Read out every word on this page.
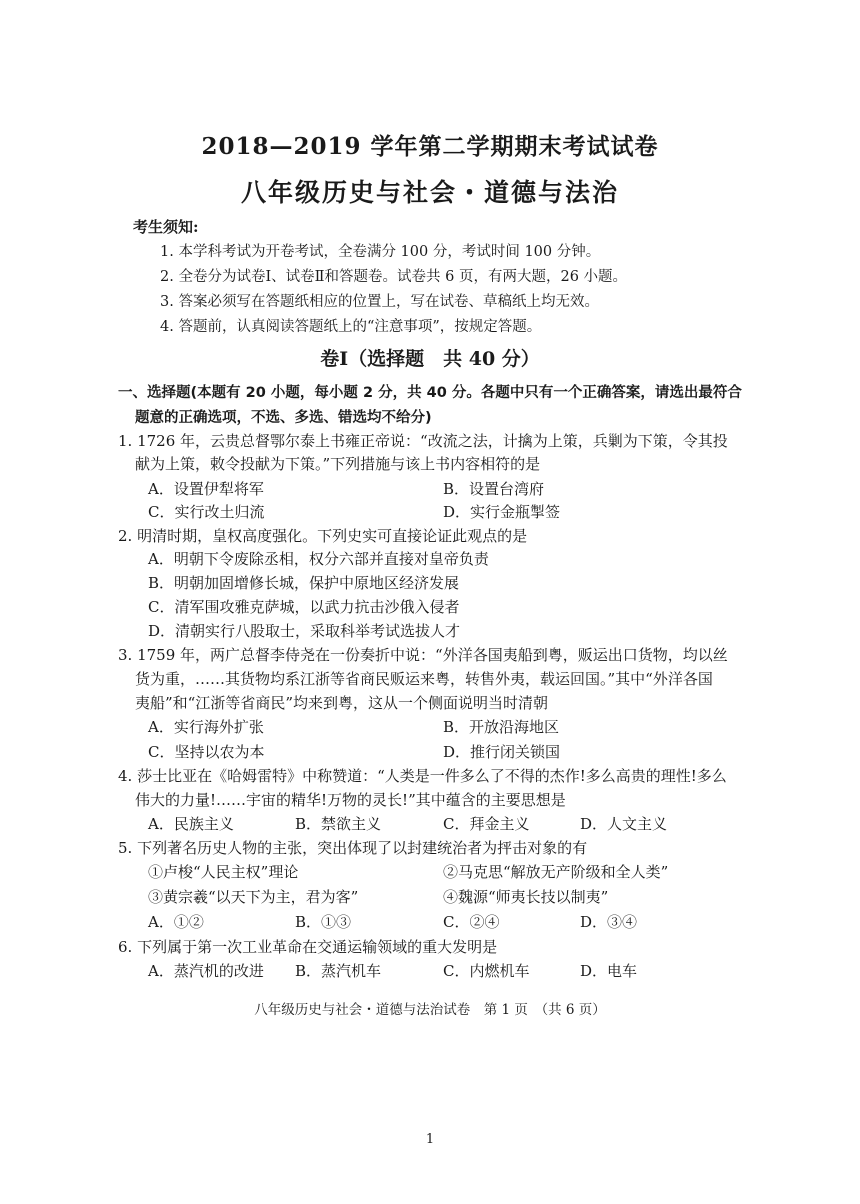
2018—2019 学年第二学期期末考试试卷
八年级历史与社会・道德与法治
考生须知:
1. 本学科考试为开卷考试，全卷满分 100 分，考试时间 100 分钟。
2. 全卷分为试卷Ⅰ、试卷Ⅱ和答题卷。试卷共 6 页，有两大题，26 小题。
3. 答案必须写在答题纸相应的位置上，写在试卷、草稿纸上均无效。
4. 答题前，认真阅读答题纸上的“注意事项”，按规定答题。
卷Ⅰ（选择题　共 40 分）
一、选择题(本题有 20 小题，每小题 2 分，共 40 分。各题中只有一个正确答案，请选出最符合
题意的正确选项，不选、多选、错选均不给分)
1. 1726 年，云贵总督鄂尔泰上书雍正帝说：“改流之法，计擒为上策，兵剿为下策，令其投
献为上策，敕令投献为下策。”下列措施与该上书内容相符的是
A．设置伊犁将军	B．设置台湾府
C．实行改土归流	D．实行金瓶掣签
2. 明清时期，皇权高度强化。下列史实可直接论证此观点的是
A．明朝下令废除丞相，权分六部并直接对皇帝负责
B．明朝加固增修长城，保护中原地区经济发展
C．清军围攻雅克萨城，以武力抗击沙俄入侵者
D．清朝实行八股取士，采取科举考试选拔人才
3. 1759 年，两广总督李侍尧在一份奏折中说：“外洋各国夷船到粤，贩运出口货物，均以丝
货为重，……其货物均系江浙等省商民贩运来粤，转售外夷，载运回国。”其中“外洋各国
夷船”和“江浙等省商民”均来到粤，这从一个侧面说明当时清朝
A．实行海外扩张	B．开放沿海地区
C．坚持以农为本	D．推行闭关锁国
4. 莎士比亚在《哈姆雷特》中称赞道：“人类是一件多么了不得的杰作!多么高贵的理性!多么
伟大的力量!……宇宙的精华!万物的灵长!”其中蕴含的主要思想是
A．民族主义	B．禁欲主义	C．拜金主义	D．人文主义
5. 下列著名历史人物的主张，突出体现了以封建统治者为抨击对象的有
①卢梭“人民主权”理论	②马克思“解放无产阶级和全人类”
③黄宗羲“以天下为主，君为客”	④魏源“师夷长技以制夷”
A．①②	B．①③	C．②④	D．③④
6. 下列属于第一次工业革命在交通运输领域的重大发明是
A．蒸汽机的改进 B．蒸汽机车	C．内燃机车	D．电车
八年级历史与社会・道德与法治试卷　第 1 页　（共 6 页）
1
